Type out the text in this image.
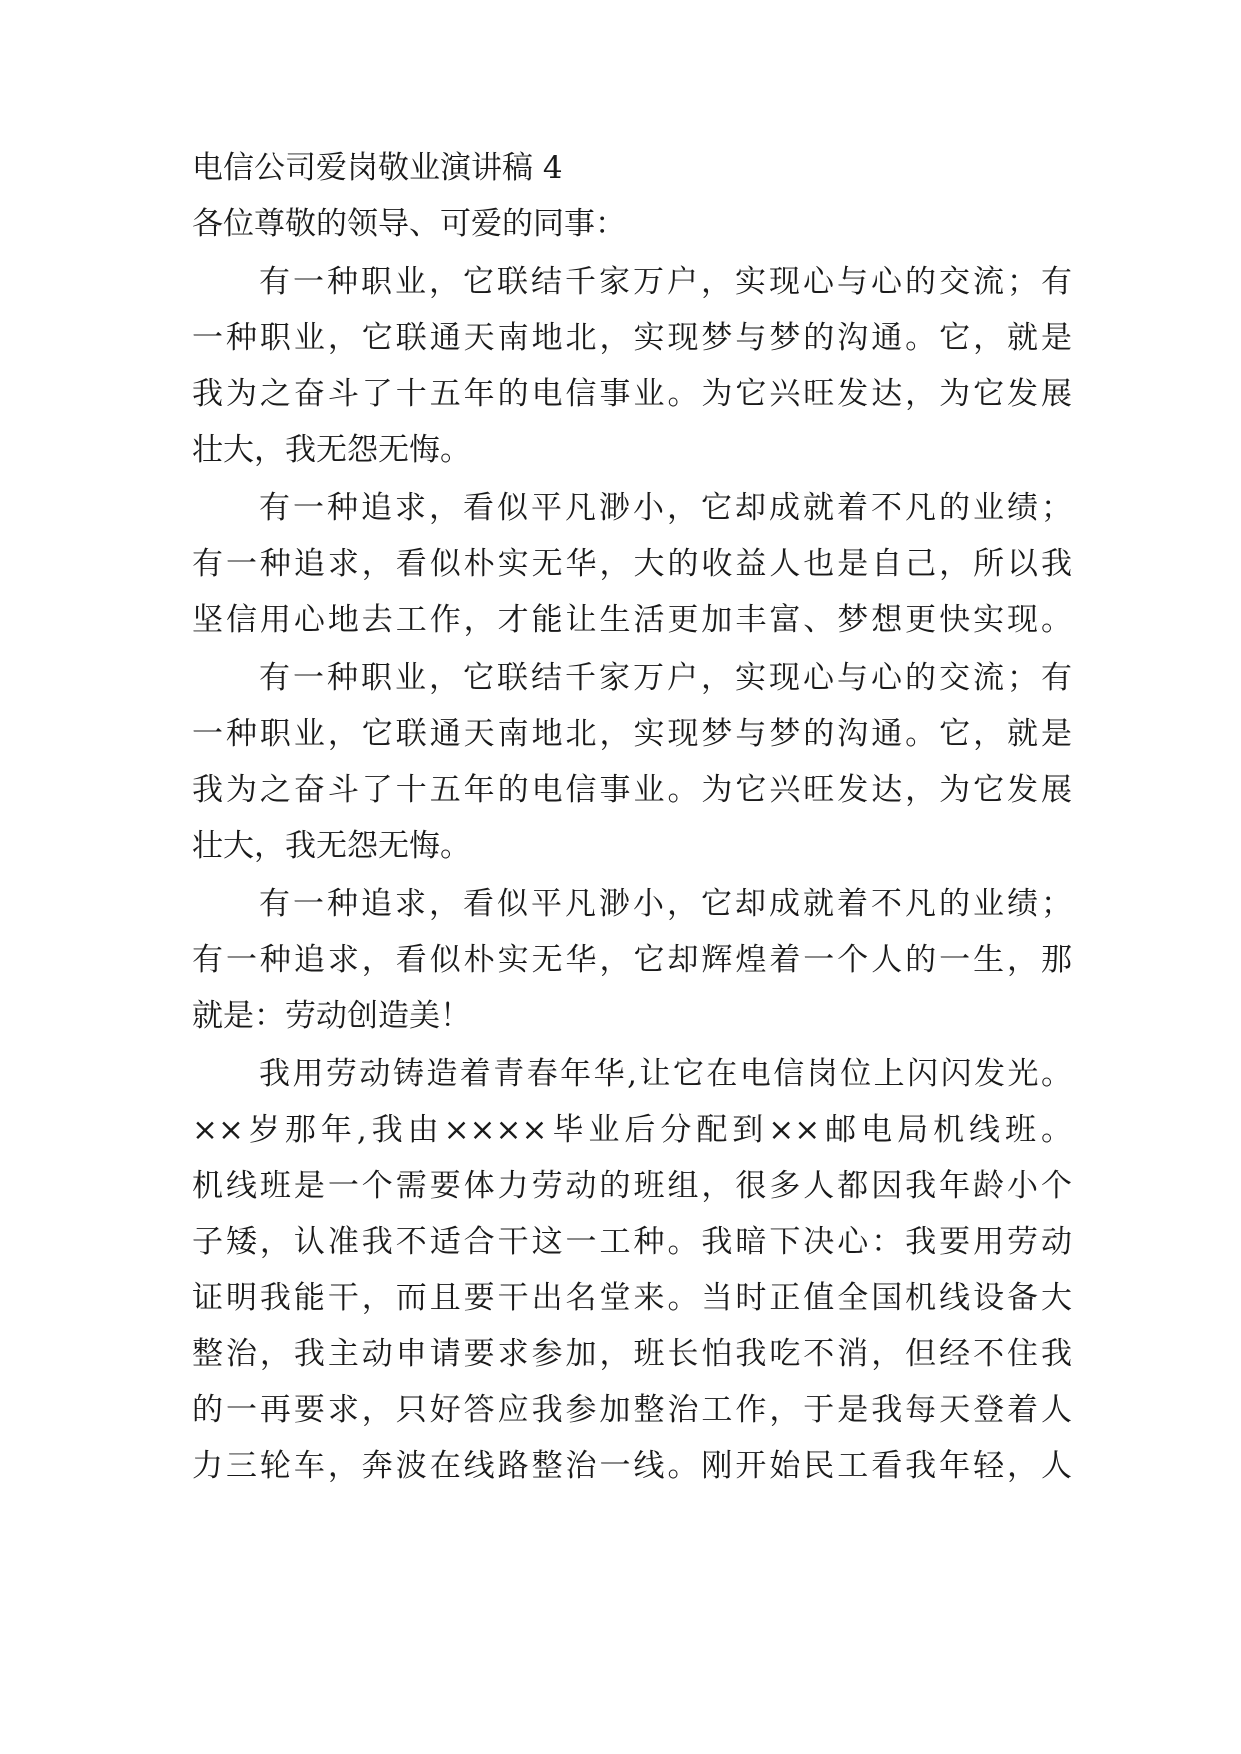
电信公司爱岗敬业演讲稿 4
各位尊敬的领导、可爱的同事：
有一种职业，它联结千家万户，实现心与心的交流；有
一种职业，它联通天南地北，实现梦与梦的沟通。它，就是
我为之奋斗了十五年的电信事业。为它兴旺发达，为它发展
壮大，我无怨无悔。
有一种追求，看似平凡渺小，它却成就着不凡的业绩；
有一种追求，看似朴实无华，大的收益人也是自己，所以我
坚信用心地去工作，才能让生活更加丰富、梦想更快实现。
有一种职业，它联结千家万户，实现心与心的交流；有
一种职业，它联通天南地北，实现梦与梦的沟通。它，就是
我为之奋斗了十五年的电信事业。为它兴旺发达，为它发展
壮大，我无怨无悔。
有一种追求，看似平凡渺小，它却成就着不凡的业绩；
有一种追求，看似朴实无华，它却辉煌着一个人的一生，那
就是：劳动创造美！
我用劳动铸造着青春年华,让它在电信岗位上闪闪发光。
××岁那年,我由××××毕业后分配到××邮电局机线班。
机线班是一个需要体力劳动的班组，很多人都因我年龄小个
子矮，认准我不适合干这一工种。我暗下决心：我要用劳动
证明我能干，而且要干出名堂来。当时正值全国机线设备大
整治，我主动申请要求参加，班长怕我吃不消，但经不住我
的一再要求，只好答应我参加整治工作，于是我每天登着人
力三轮车，奔波在线路整治一线。刚开始民工看我年轻，人
